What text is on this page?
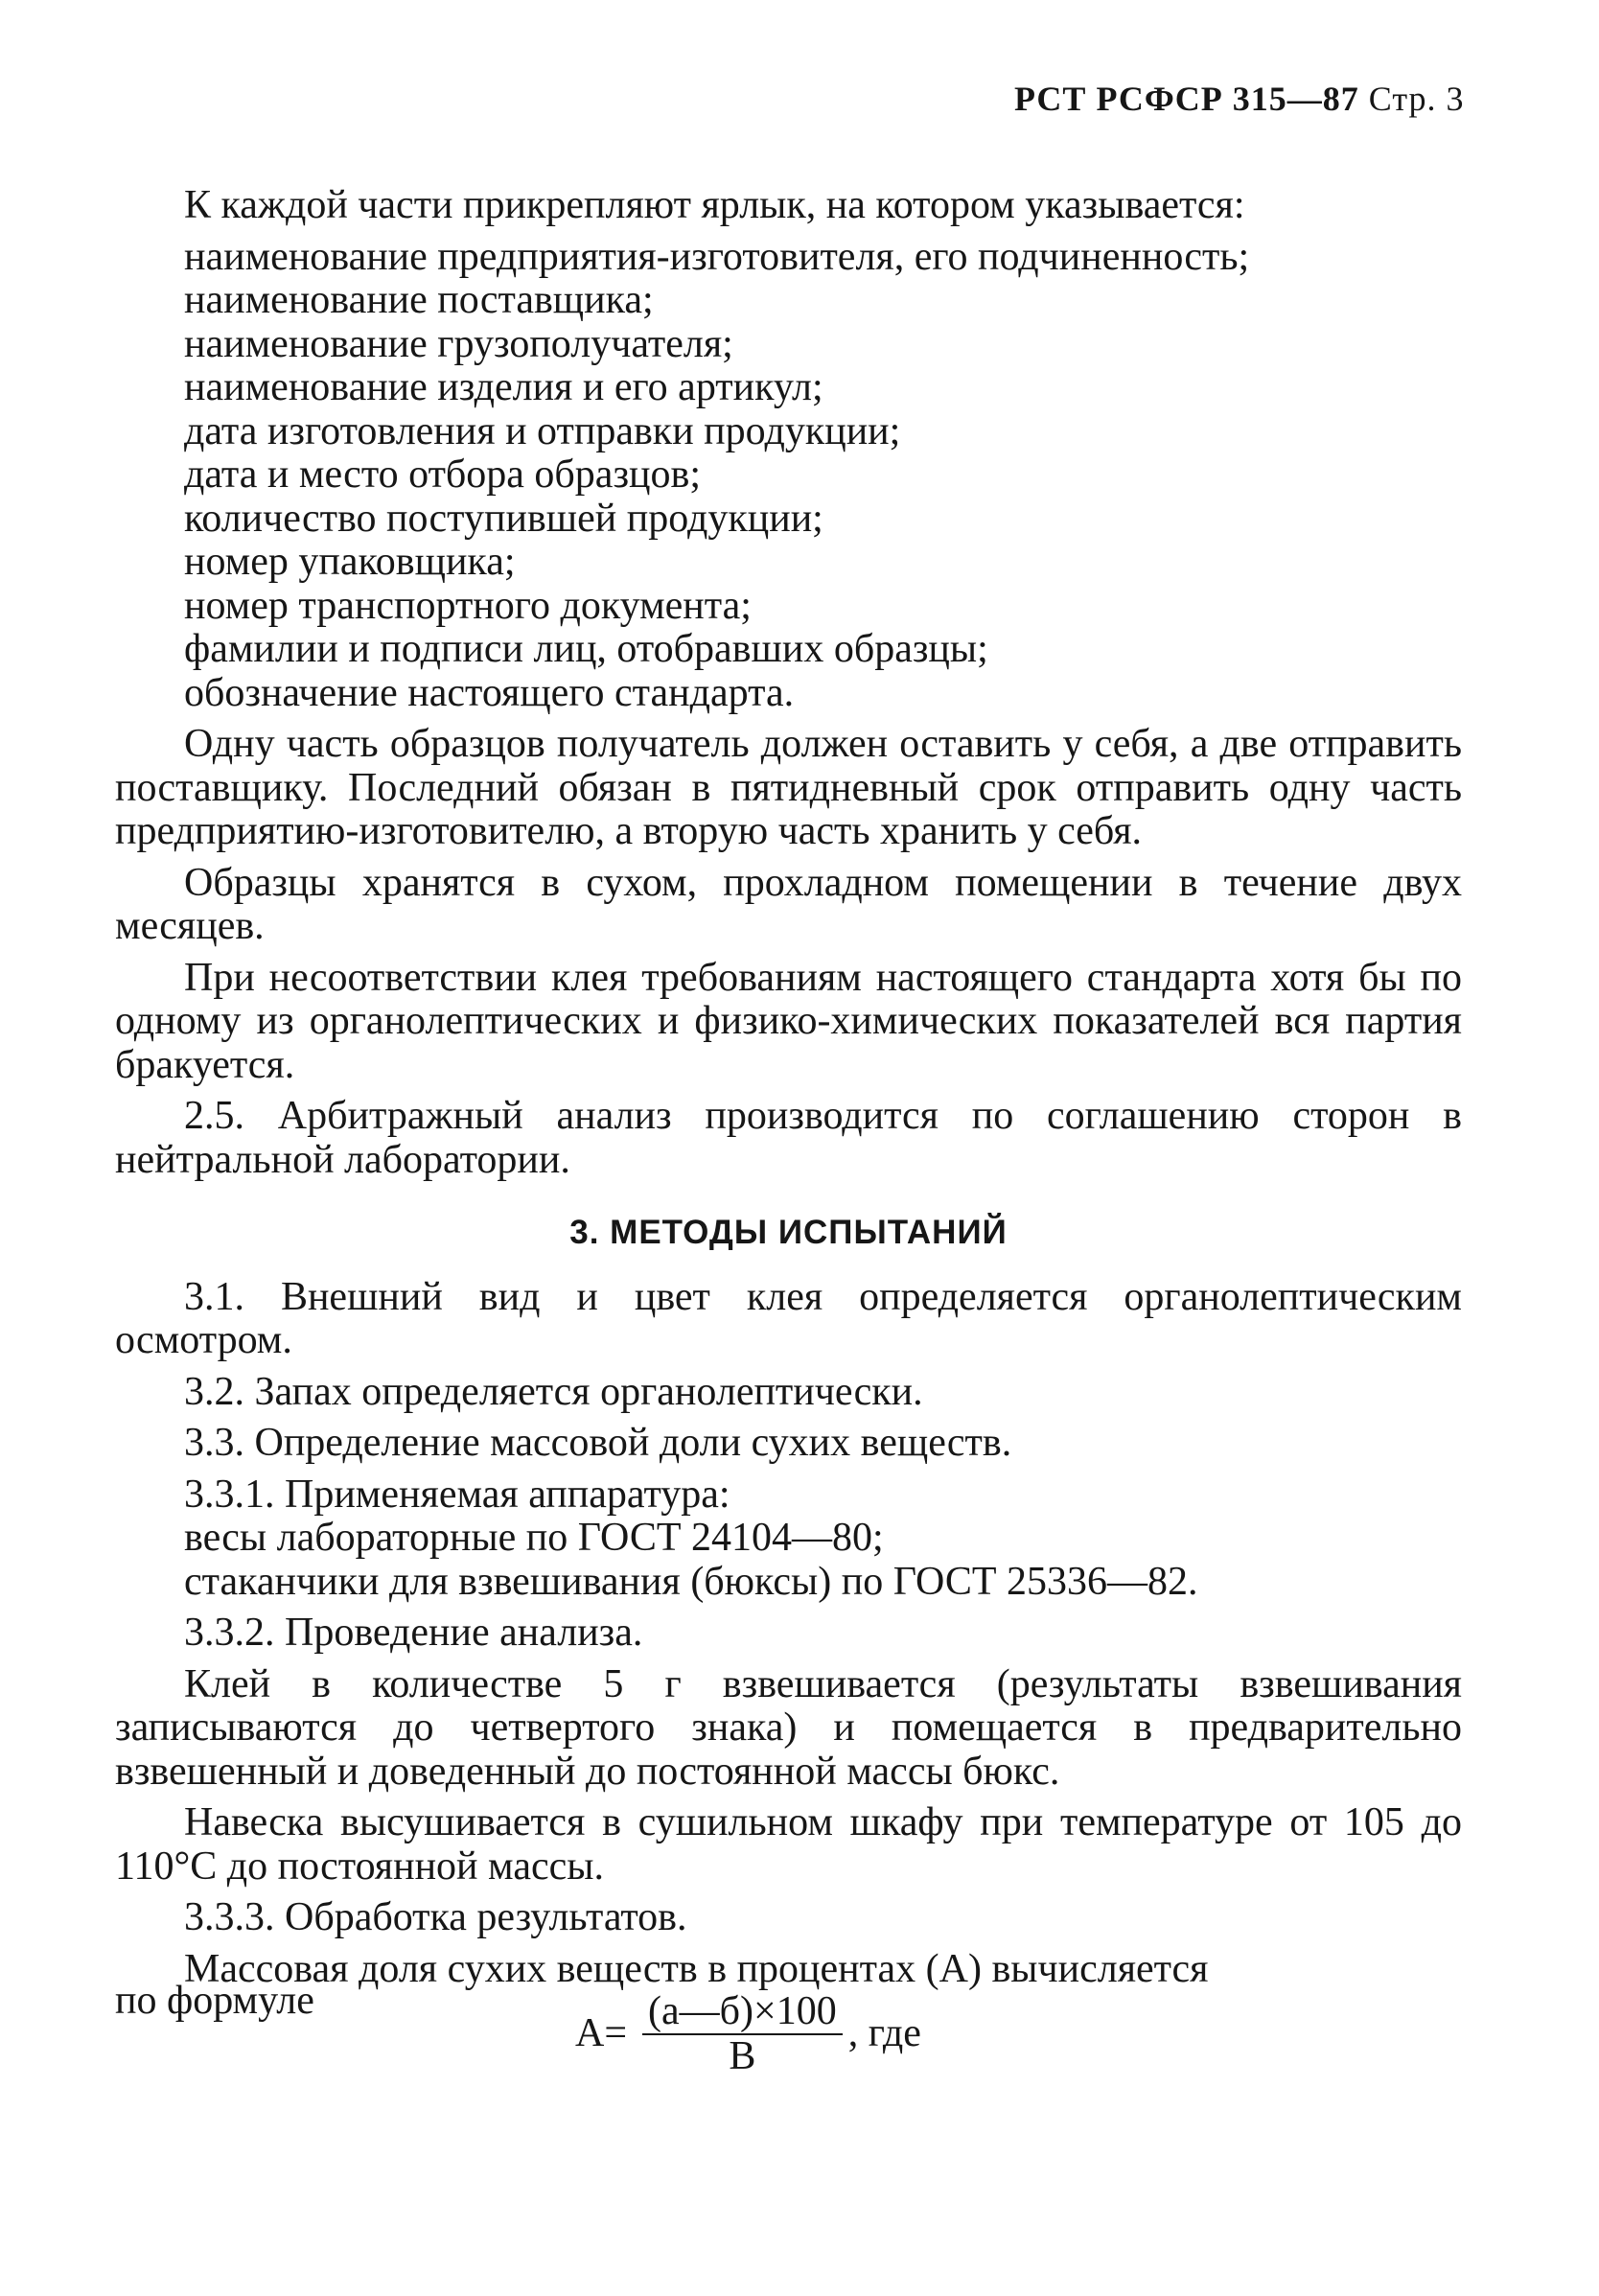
РСТ РСФСР 315—87 Стр. 3

К каждой части прикрепляют ярлык, на котором указывается:

наименование предприятия-изготовителя, его подчиненность;

наименование поставщика;

наименование грузополучателя;

наименование изделия и его артикул;

дата изготовления и отправки продукции;

дата и место отбора образцов;

количество поступившей продукции;

номер упаковщика;

номер транспортного документа;

фамилии и подписи лиц, отобравших образцы;

обозначение настоящего стандарта.

Одну часть образцов получатель должен оставить у себя, а две отправить поставщику. Последний обязан в пятидневный срок отправить одну часть предприятию-изготовителю, а вторую часть хранить у себя.

Образцы хранятся в сухом, прохладном помещении в течение двух месяцев.

При несоответствии клея требованиям настоящего стандарта хотя бы по одному из органолептических и физико-химических показателей вся партия бракуется.

2.5. Арбитражный анализ производится по соглашению сторон в нейтральной лаборатории.

3. МЕТОДЫ ИСПЫТАНИЙ

3.1. Внешний вид и цвет клея определяется органолептическим осмотром.

3.2. Запах определяется органолептически.

3.3. Определение массовой доли сухих веществ.

3.3.1. Применяемая аппаратура:

весы лабораторные по ГОСТ 24104—80;

стаканчики для взвешивания (бюксы) по ГОСТ 25336—82.

3.3.2. Проведение анализа.

Клей в количестве 5 г взвешивается (результаты взвешивания записываются до четвертого знака) и помещается в предварительно взвешенный и доведенный до постоянной массы бюкс.

Навеска высушивается в сушильном шкафу при температуре от 105 до 110°С до постоянной массы.

3.3.3. Обработка результатов.

Массовая доля сухих веществ в процентах (А) вычисляется

по формуле
$А= \frac{(а—б)\times 100}{В}$ , где
